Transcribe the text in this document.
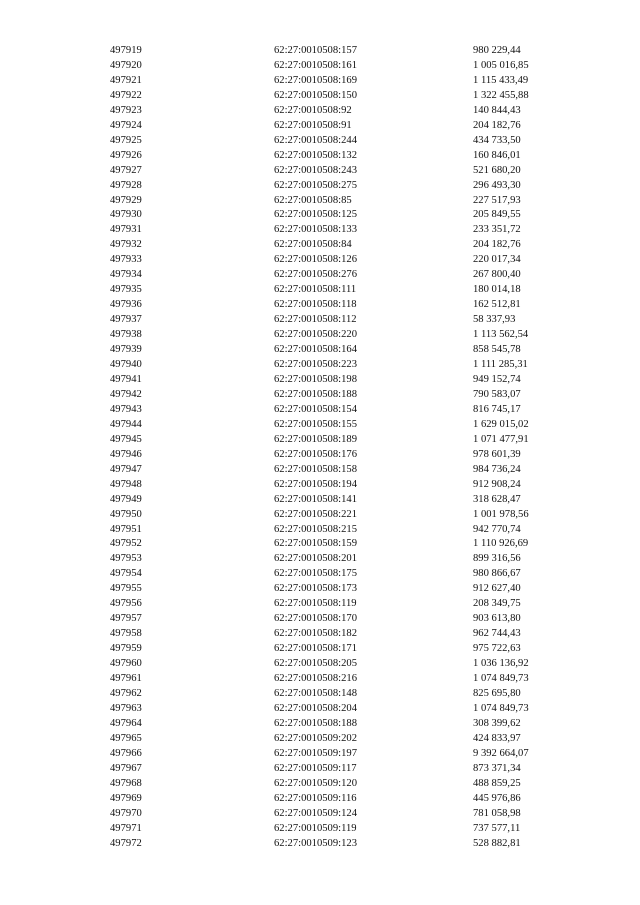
497919	62:27:0010508:157	980 229,44
497920	62:27:0010508:161	1 005 016,85
497921	62:27:0010508:169	1 115 433,49
497922	62:27:0010508:150	1 322 455,88
497923	62:27:0010508:92	140 844,43
497924	62:27:0010508:91	204 182,76
497925	62:27:0010508:244	434 733,50
497926	62:27:0010508:132	160 846,01
497927	62:27:0010508:243	521 680,20
497928	62:27:0010508:275	296 493,30
497929	62:27:0010508:85	227 517,93
497930	62:27:0010508:125	205 849,55
497931	62:27:0010508:133	233 351,72
497932	62:27:0010508:84	204 182,76
497933	62:27:0010508:126	220 017,34
497934	62:27:0010508:276	267 800,40
497935	62:27:0010508:111	180 014,18
497936	62:27:0010508:118	162 512,81
497937	62:27:0010508:112	58 337,93
497938	62:27:0010508:220	1 113 562,54
497939	62:27:0010508:164	858 545,78
497940	62:27:0010508:223	1 111 285,31
497941	62:27:0010508:198	949 152,74
497942	62:27:0010508:188	790 583,07
497943	62:27:0010508:154	816 745,17
497944	62:27:0010508:155	1 629 015,02
497945	62:27:0010508:189	1 071 477,91
497946	62:27:0010508:176	978 601,39
497947	62:27:0010508:158	984 736,24
497948	62:27:0010508:194	912 908,24
497949	62:27:0010508:141	318 628,47
497950	62:27:0010508:221	1 001 978,56
497951	62:27:0010508:215	942 770,74
497952	62:27:0010508:159	1 110 926,69
497953	62:27:0010508:201	899 316,56
497954	62:27:0010508:175	980 866,67
497955	62:27:0010508:173	912 627,40
497956	62:27:0010508:119	208 349,75
497957	62:27:0010508:170	903 613,80
497958	62:27:0010508:182	962 744,43
497959	62:27:0010508:171	975 722,63
497960	62:27:0010508:205	1 036 136,92
497961	62:27:0010508:216	1 074 849,73
497962	62:27:0010508:148	825 695,80
497963	62:27:0010508:204	1 074 849,73
497964	62:27:0010508:188	308 399,62
497965	62:27:0010509:202	424 833,97
497966	62:27:0010509:197	9 392 664,07
497967	62:27:0010509:117	873 371,34
497968	62:27:0010509:120	488 859,25
497969	62:27:0010509:116	445 976,86
497970	62:27:0010509:124	781 058,98
497971	62:27:0010509:119	737 577,11
497972	62:27:0010509:123	528 882,81
